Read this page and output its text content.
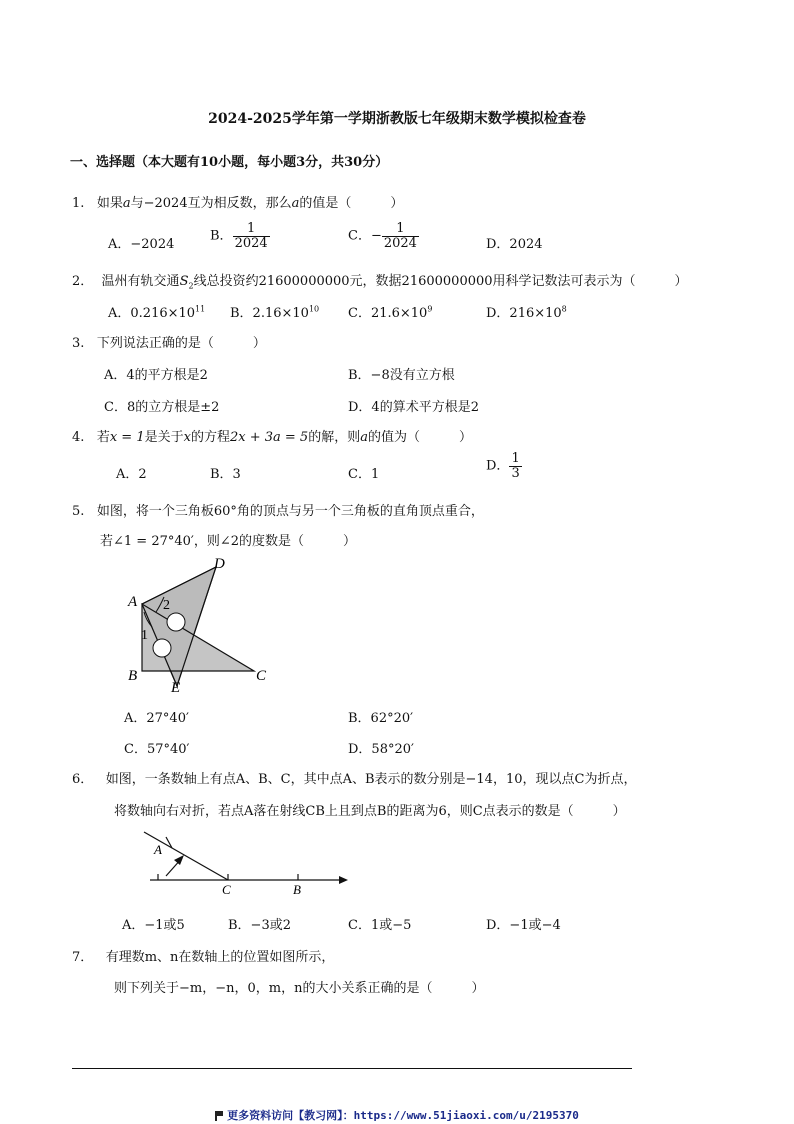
2024-2025学年第一学期浙教版七年级期末数学模拟检查卷
一、选择题（本大题有10小题，每小题3分，共30分）
1. 如果a与−2024互为相反数，那么a的值是（　　　）
A．−2024
B． $\frac{1}{2024}$	C．− $\frac{1}{2024}$	D．2024
2． 温州有轨交通$S_2$线总投资约21600000000元，数据21600000000用科学记数法可表示为（　　　）
A．$0.216\times 10^{11}$ B．$2.16\times 10^{10}$ C．$21.6\times 10^9$	D．$216\times 10^8$
3. 下列说法正确的是（　　　）
A．4的平方根是2	B．−8没有立方根
C．8的立方根是±2	D．4的算术平方根是2
4. 若x = 1是关于x的方程2x + 3a = 5的解，则a的值为（　　　）
A．2	B．3	C．1
D． $\frac{1}{3}$
5. 如图，将一个三角板60°角的顶点与另一个三角板的直角顶点重合，
若∠1 = 27°40′，则∠2的度数是（　　　）
A
B	C
D
E
1
2
A．27°40′	B．62°20′
C．57°40′	D．58°20′
6． 如图，一条数轴上有点A、B、C，其中点A、B表示的数分别是−14，10，现以点C为折点，
将数轴向右对折，若点A落在射线CB上且到点B的距离为6，则C点表示的数是（　　　）
A
C	B
A．−1或5	B．−3或2	C．1或−5	D．−1或−4
7． 有理数m、n在数轴上的位置如图所示，
则下列关于−m，−n，0，m，n的大小关系正确的是（　　　）
更多资料访问【教习网】：https://www.51jiaoxi.com/u/2195370
